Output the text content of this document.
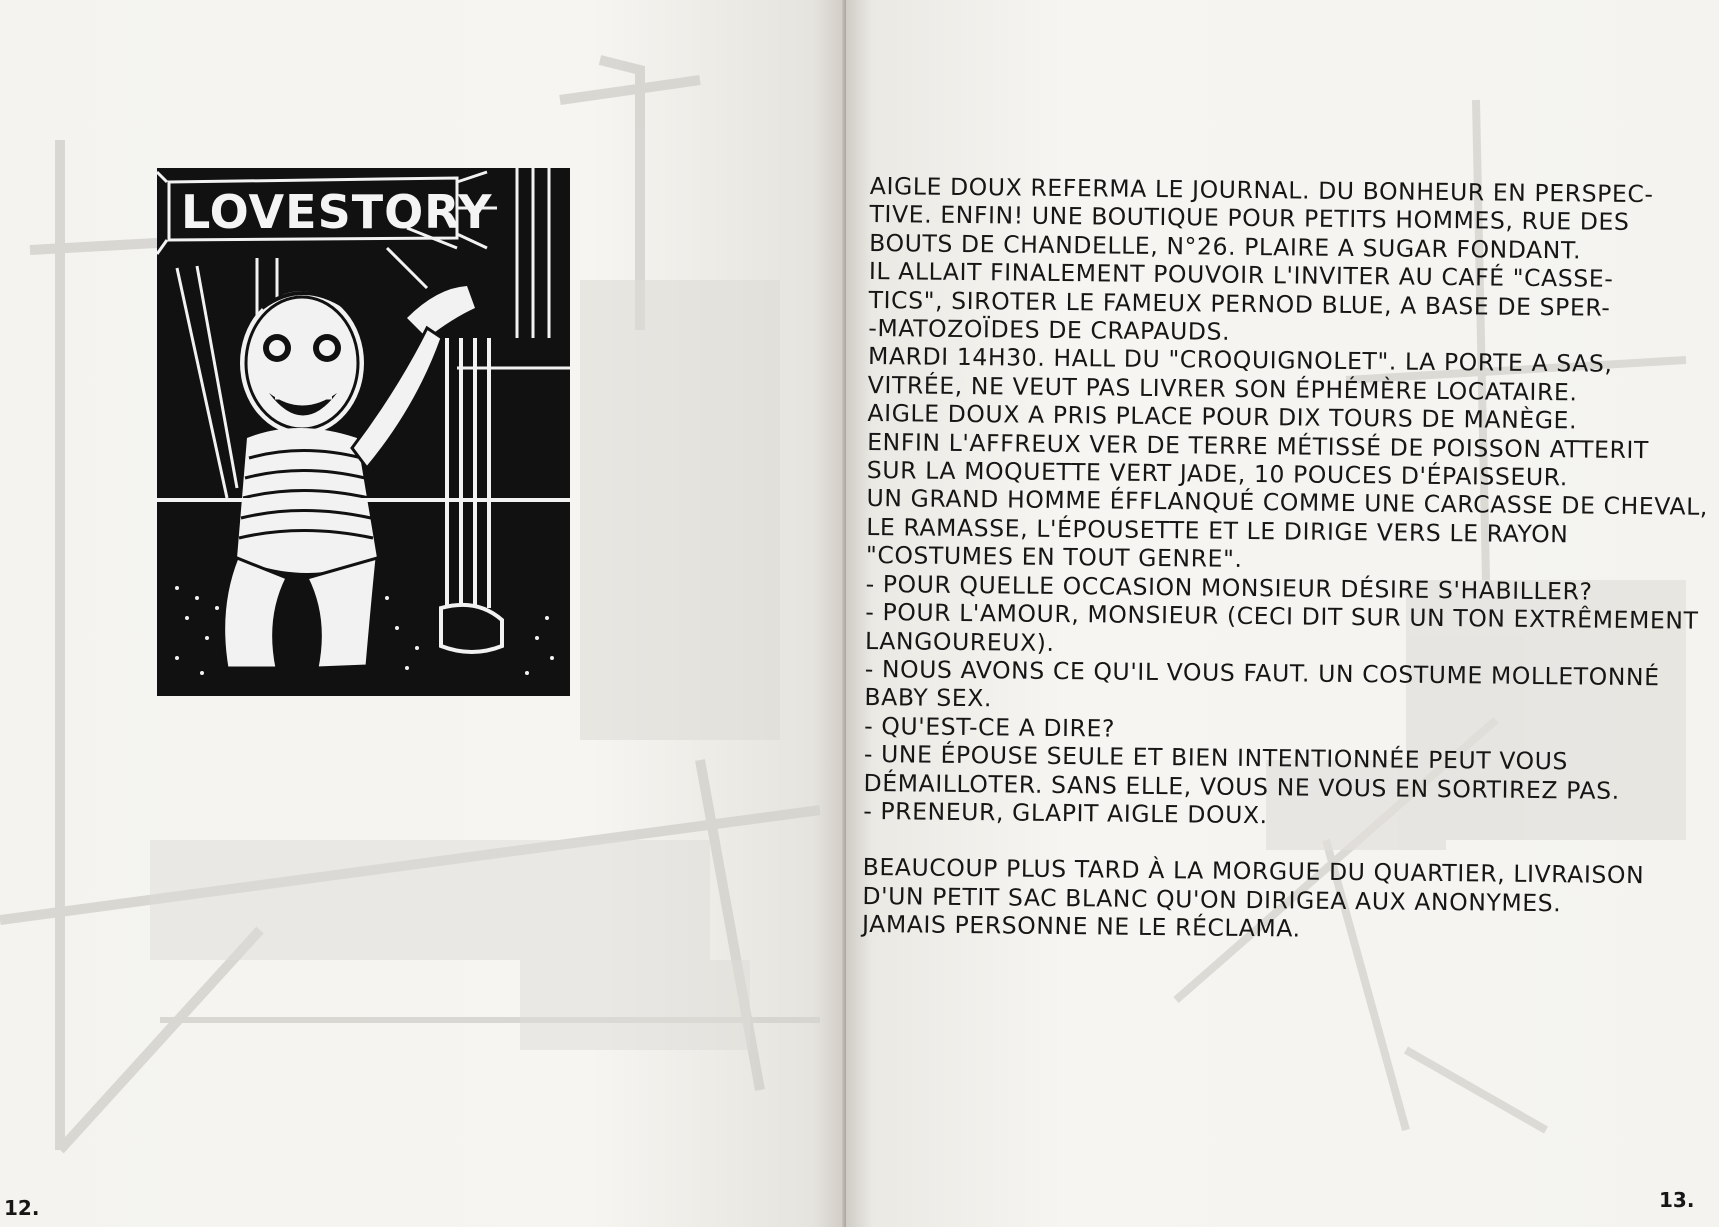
LOVESTORY
12.
AIGLE DOUX REFERMA LE JOURNAL. DU BONHEUR EN PERSPEC-
TIVE. ENFIN! UNE BOUTIQUE POUR PETITS HOMMES, RUE DES
BOUTS DE CHANDELLE, N°26. PLAIRE A SUGAR FONDANT.
IL ALLAIT FINALEMENT POUVOIR L'INVITER AU CAFÉ "CASSE-
TICS", SIROTER LE FAMEUX PERNOD BLUE, A BASE DE SPER-
-MATOZOÏDES DE CRAPAUDS.
MARDI 14H30. HALL DU "CROQUIGNOLET". LA PORTE A SAS,
VITRÉE, NE VEUT PAS LIVRER SON ÉPHÉMÈRE LOCATAIRE.
AIGLE DOUX A PRIS PLACE POUR DIX TOURS DE MANÈGE.
ENFIN L'AFFREUX VER DE TERRE MÉTISSÉ DE POISSON ATTERIT
SUR LA MOQUETTE VERT JADE, 10 POUCES D'ÉPAISSEUR.
UN GRAND HOMME ÉFFLANQUÉ COMME UNE CARCASSE DE CHEVAL,
LE RAMASSE, L'ÉPOUSETTE ET LE DIRIGE VERS LE RAYON
"COSTUMES EN TOUT GENRE".
- POUR QUELLE OCCASION MONSIEUR DÉSIRE S'HABILLER?
- POUR L'AMOUR, MONSIEUR (CECI DIT SUR UN TON EXTRÊMEMENT
LANGOUREUX).
- NOUS AVONS CE QU'IL VOUS FAUT. UN COSTUME MOLLETONNÉ
BABY SEX.
- QU'EST-CE A DIRE?
- UNE ÉPOUSE SEULE ET BIEN INTENTIONNÉE PEUT VOUS
DÉMAILLOTER. SANS ELLE, VOUS NE VOUS EN SORTIREZ PAS.
- PRENEUR, GLAPIT AIGLE DOUX.
BEAUCOUP PLUS TARD À LA MORGUE DU QUARTIER, LIVRAISON
D'UN PETIT SAC BLANC QU'ON DIRIGEA AUX ANONYMES.
JAMAIS PERSONNE NE LE RÉCLAMA.
13.
